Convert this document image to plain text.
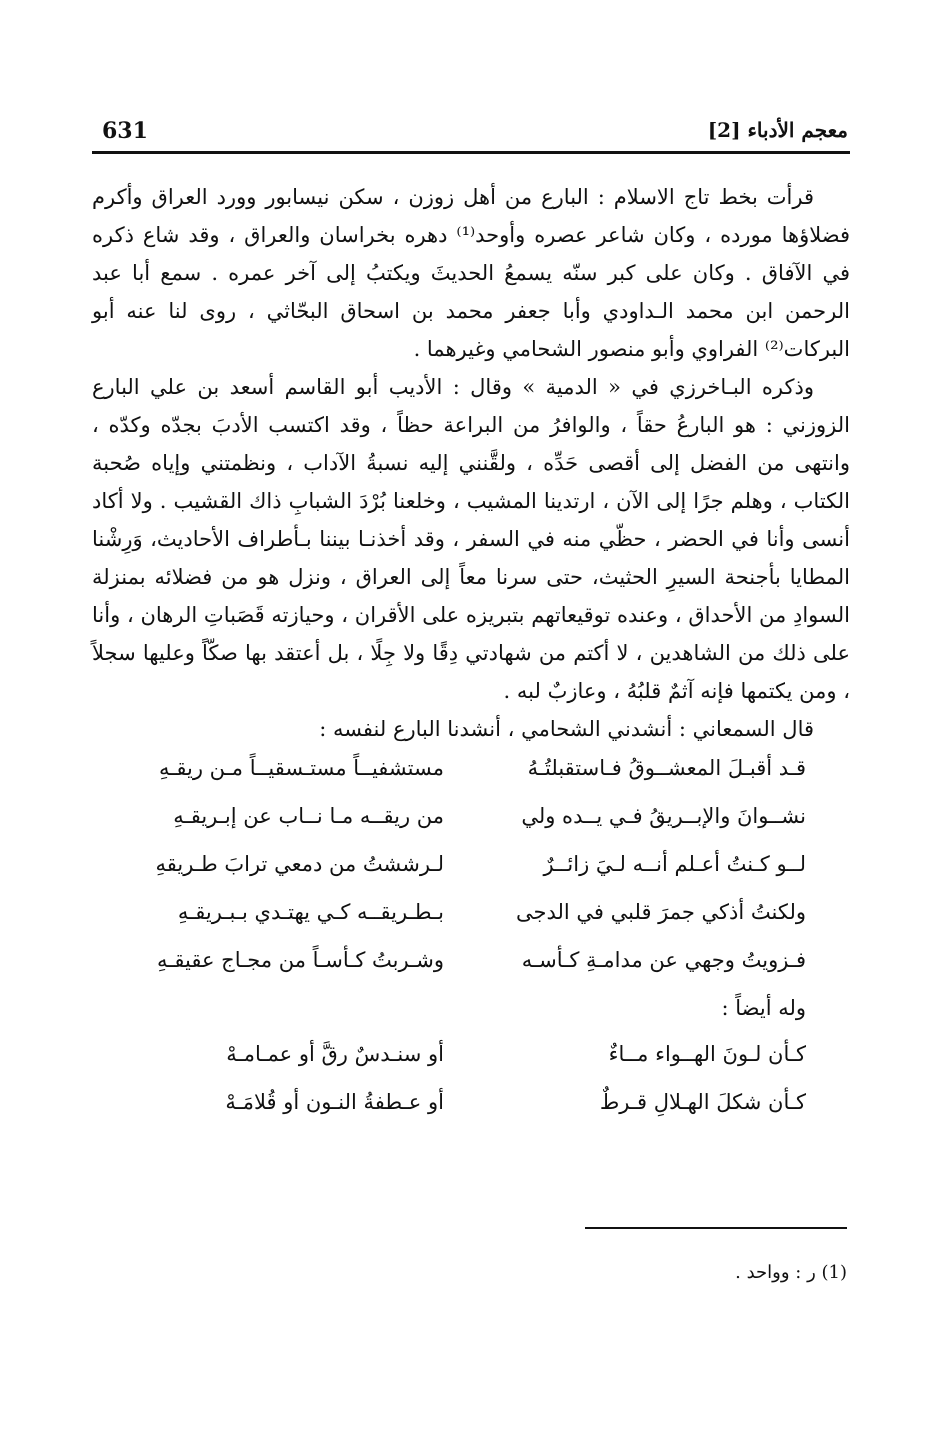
631	معجم الأدباء [2]

قرأت بخط تاج الاسلام : البارع من أهل زوزن ، سكن نيسابور وورد العراق وأكرم فضلاؤها مورده ، وكان شاعر عصره وأوحد⁽¹⁾ دهره بخراسان والعراق ، وقد شاع ذكره في الآفاق . وكان على كبر سنّه يسمعُ الحديثَ ويكتبُ إلى آخر عمره . سمع أبا عبد الرحمن ابن محمد الـداودي وأبا جعفر محمد بن اسحاق البحّاثي ، روى لنا عنه أبو البركات⁽²⁾ الفراوي وأبو منصور الشحامي وغيرهما .

وذكره البـاخرزي في « الدمية » وقال : الأديب أبو القاسم أسعد بن علي البارع الزوزني : هو البارعُ حقاً ، والوافرُ من البراعة حظاً ، وقد اكتسب الأدبَ بجدّه وكدّه ، وانتهى من الفضل إلى أقصى حَدِّه ، ولقَّنني إليه نسبةُ الآداب ، ونظمتني وإياه صُحبة الكتاب ، وهلم جرًا إلى الآن ، ارتدينا المشيب ، وخلعنا بُرْدَ الشبابِ ذاك القشيب . ولا أكاد أنسى وأنا في الحضر ، حظّي منه في السفر ، وقد أخذنـا بيننا بـأطراف الأحاديث، وَرِشْنا المطايا بأجنحة السيرِ الحثيث، حتى سرنا معاً إلى العراق ، ونزل هو من فضلائه بمنزلة السوادِ من الأحداق ، وعنده توقيعاتهم بتبريزه على الأقران ، وحيازته قَصَباتِ الرهان ، وأنا على ذلك من الشاهدين ، لا أكتم من شهادتي دِقًا ولا جِلًا ، بل أعتقد بها صكّاً وعليها سجلاً ، ومن يكتمها فإنه آثمٌ قلبُهُ ، وعازبٌ لبه .

قال السمعاني : أنشدني الشحامي ، أنشدنا البارع لنفسه :

قـد أقبـلَ المعشــوقُ فـاستقبلتُـهُ
مستشفيــاً مستـسقيــاً مـن ريقـهِ
نشــوانَ والإبــريقُ فـي يــده ولي
من ريقــه مـا نــاب عن إبـريقـهِ
لــو كـنتُ أعـلم أنــه لـيَ زائــرٌ
لـرششتُ من دمعي ترابَ طـريقهِ
ولكنتُ أذكي جمرَ قلبي في الدجى
بـطـريقــه كـي يهتـدي بـبـريقـهِ
فـزويتُ وجهي عن مدامـةِ كـأسـه
وشـربتُ كـأسـاً من مجـاج عقيقـهِ
وله أيضاً :
كـأن لـونَ الهــواء مــاءٌ
أو سنـدسٌ رقَّ أو عمـامـهْ
كـأن شكلَ الهـلالِ قـرطٌ
أو عـطفةُ النـون أو قُلامَـهْ
(1) ر : وواحد .
